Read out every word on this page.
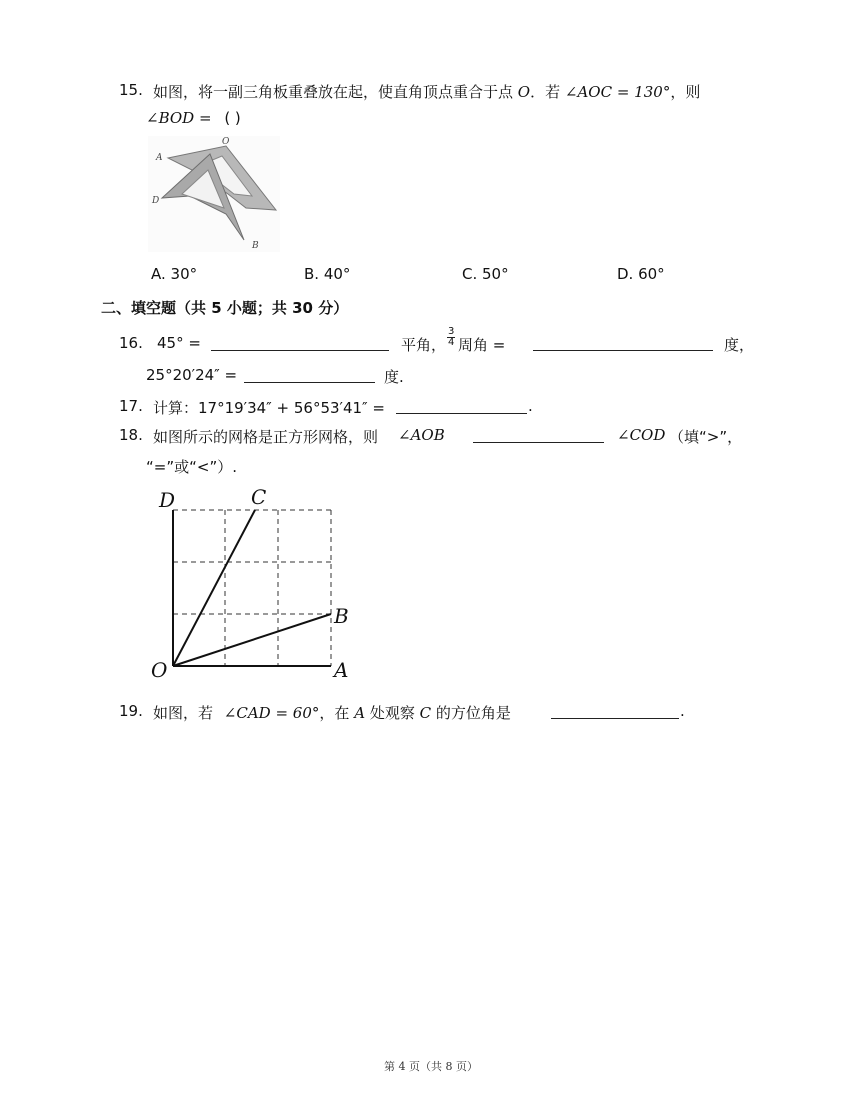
15. 如图，将一副三角板重叠放在起，使直角顶点重合于点 O．若 ∠AOC = 130°，则
∠BOD = ( )
A
O
D
B
A. 30°	B. 40°	C. 50°	D. 60°
二、填空题（共 5 小题；共 30 分）
16. 45° =	平角， $\frac{3}{4}$ 周角 =	度，
25°20′24″ =	度.
17. 计算：17°19′34″ + 56°53′41″ =	.
18. 如图所示的网格是正方形网格，则 ∠AOB	∠COD （填“>”，
“=”或“<”）.
D	C
B
O	A
19. 如图，若 ∠CAD = 60°，在 A 处观察 C 的方位角是	.
第 4 页（共 8 页）
